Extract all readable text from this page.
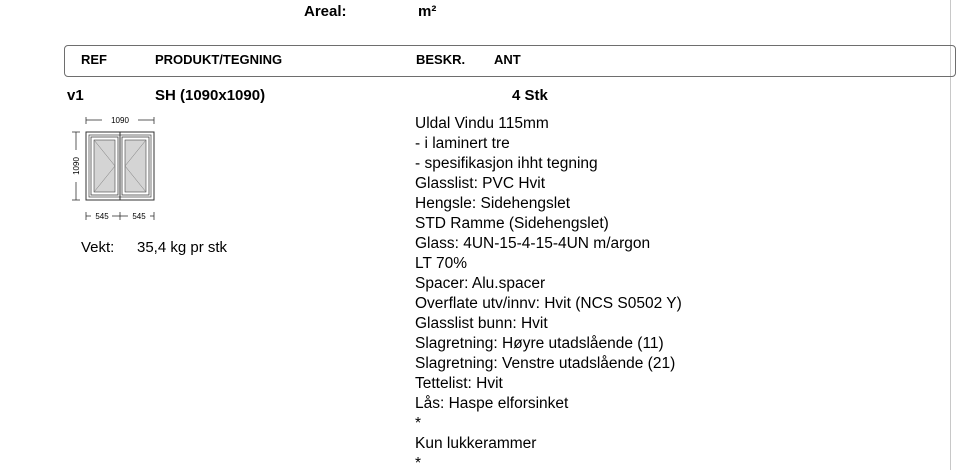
Areal:	m²
REF	PRODUKT/TEGNING	BESKR. ANT
v1	SH (1090x1090)	4 Stk
1090
1090
545	545
Vekt: 35,4 kg pr stk
Uldal Vindu 115mm
- i laminert tre
- spesifikasjon ihht tegning
Glasslist: PVC Hvit
Hengsle: Sidehengslet
STD Ramme (Sidehengslet)
Glass: 4UN-15-4-15-4UN m/argon
LT 70%
Spacer: Alu.spacer
Overflate utv/innv: Hvit (NCS S0502 Y)
Glasslist bunn: Hvit
Slagretning: Høyre utadslående (11)
Slagretning: Venstre utadslående (21)
Tettelist: Hvit
Lås: Haspe elforsinket
*
Kun lukkerammer
*
